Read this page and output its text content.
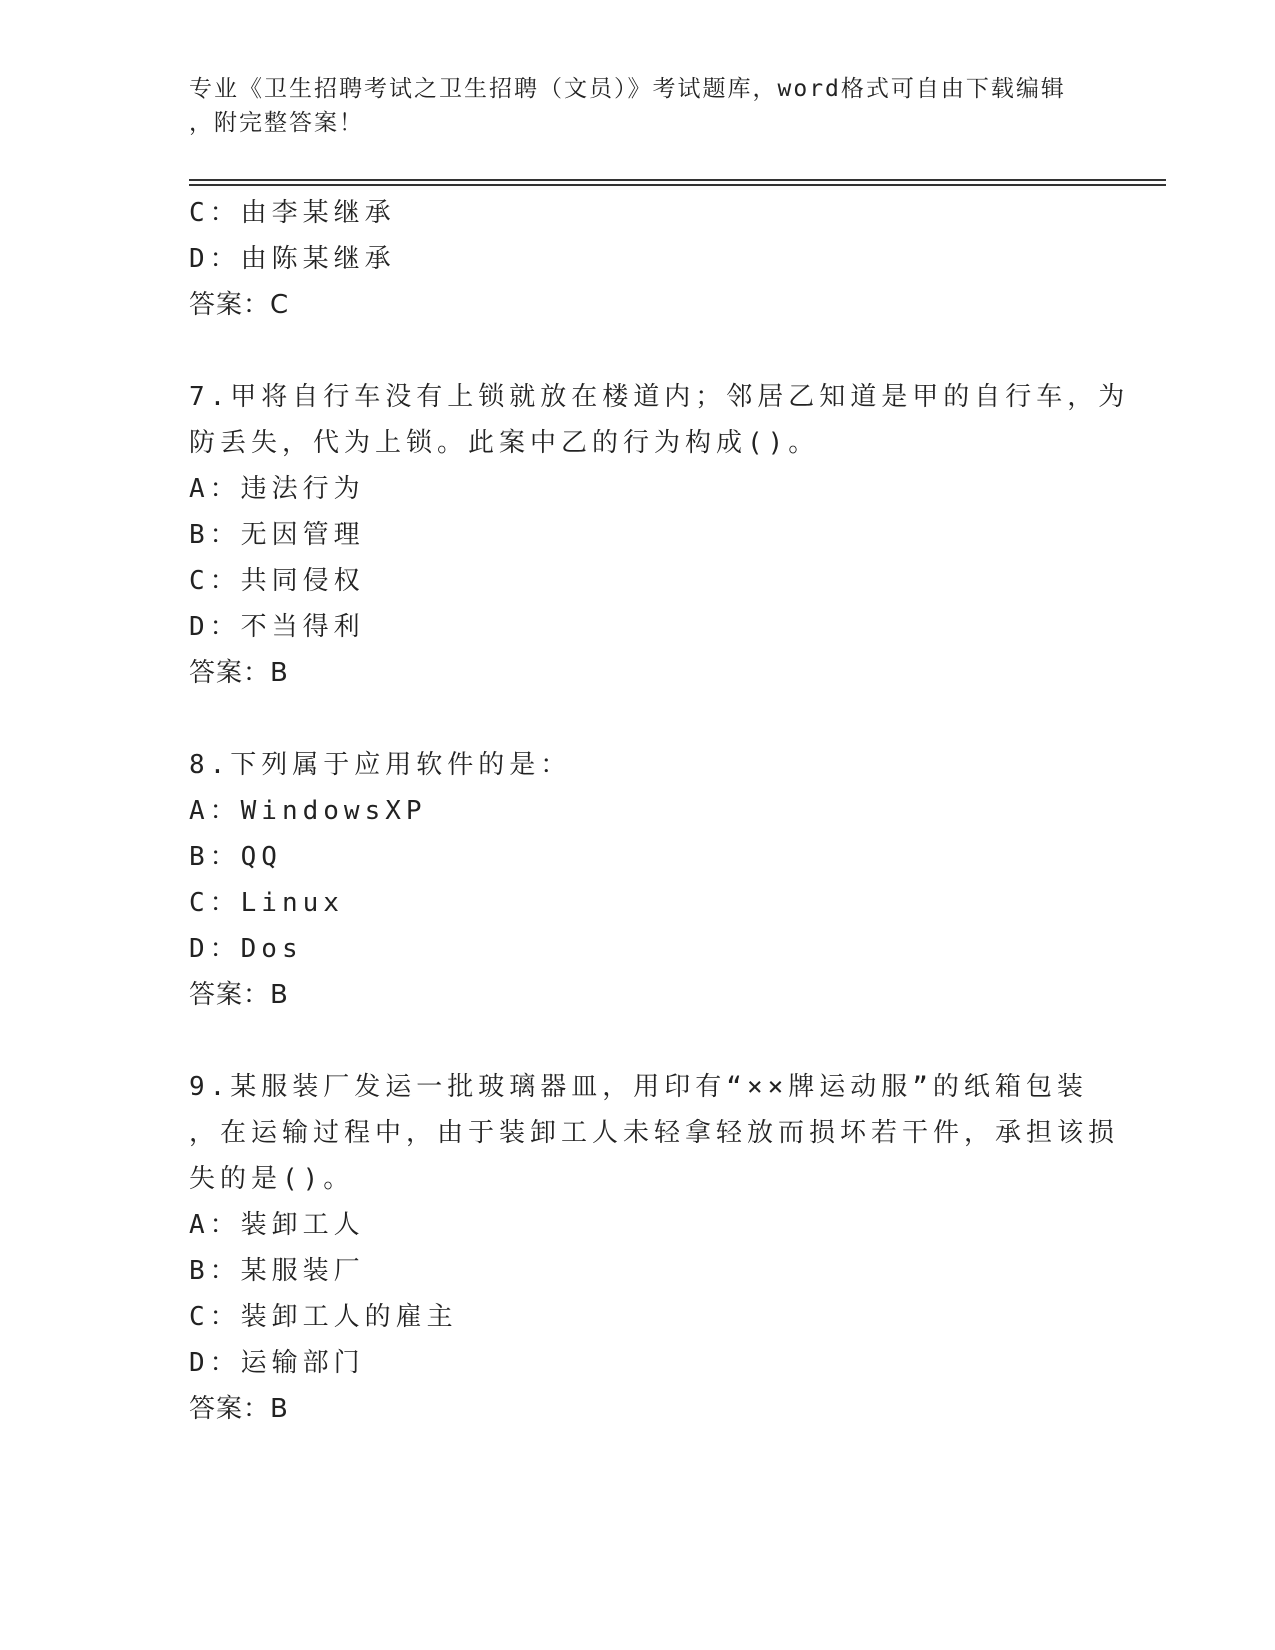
专业《卫生招聘考试之卫生招聘（文员）》考试题库，word格式可自由下载编辑
，附完整答案！
C：由李某继承
D：由陈某继承
答案：C
7.甲将自行车没有上锁就放在楼道内；邻居乙知道是甲的自行车，为
防丢失，代为上锁。此案中乙的行为构成()。
A：违法行为
B：无因管理
C：共同侵权
D：不当得利
答案：B
8.下列属于应用软件的是：
A：WindowsXP
B：QQ
C：Linux
D：Dos
答案：B
9.某服装厂发运一批玻璃器皿，用印有“××牌运动服”的纸箱包装
，在运输过程中，由于装卸工人未轻拿轻放而损坏若干件，承担该损
失的是()。
A：装卸工人
B：某服装厂
C：装卸工人的雇主
D：运输部门
答案：B
